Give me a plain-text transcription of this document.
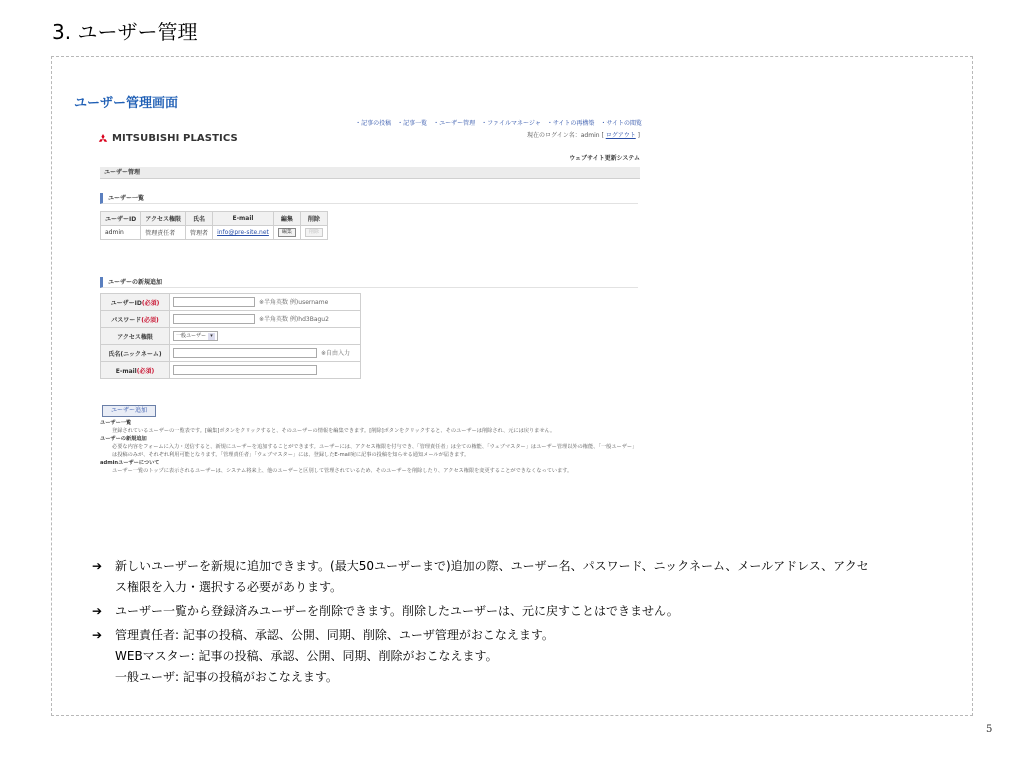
3. ユーザー管理
ユーザー管理画面
・記事の投稿 ・記事一覧 ・ユーザー管理 ・ファイルマネージャ ・サイトの再構築 ・サイトの閲覧
現在のログイン名：admin [ ログアウト ]
MITSUBISHI PLASTICS
ウェブサイト更新システム
ユーザー管理
ユーザー一覧
ユーザーID	アクセス権限	氏名	E-mail	編集	削除
admin	管理責任者	管理者	info@pre-site.net	編集	削除
ユーザーの新規追加
ユーザーID(必須)	※半角英数 例)username
パスワード(必須)	※半角英数 例)hd3Bagu2
アクセス権限	一般ユーザー ▾
氏名(ニックネーム)	※自由入力
E-mail(必須)	
ユーザー追加
ユーザー一覧
登録されているユーザーの一覧表です。[編集]ボタンをクリックすると、そのユーザーの情報を編集できます。[削除]ボタンをクリックすると、そのユーザーは削除され、元には戻りません。
ユーザーの新規追加
必要な内容をフォームに入力・送信すると、新規にユーザーを追加することができます。ユーザーには、アクセス権限を付与でき、「管理責任者」は全ての権能、「ウェブマスター」はユーザー管理以外の権能、「一般ユーザー」は投稿のみが、それぞれ利用可能となります。「管理責任者」「ウェブマスター」には、登録したE-mail宛に記事の投稿を知らせる通知メールが届きます。
adminユーザーについて
ユーザー一覧のトップに表示されるユーザーは、システム将来上、他のユーザーと区別して管理されているため、そのユーザーを削除したり、アクセス権限を変更することができなくなっています。
➔ 新しいユーザーを新規に追加できます。(最大50ユーザーまで)追加の際、ユーザー名、パスワード、ニックネーム、メールアドレス、アクセ
ス権限を入力・選択する必要があります。
➔ ユーザー一覧から登録済みユーザーを削除できます。削除したユーザーは、元に戻すことはできません。
➔ 管理責任者: 記事の投稿、承認、公開、同期、削除、ユーザ管理がおこなえます。
WEBマスター: 記事の投稿、承認、公開、同期、削除がおこなえます。
一般ユーザ: 記事の投稿がおこなえます。
5
